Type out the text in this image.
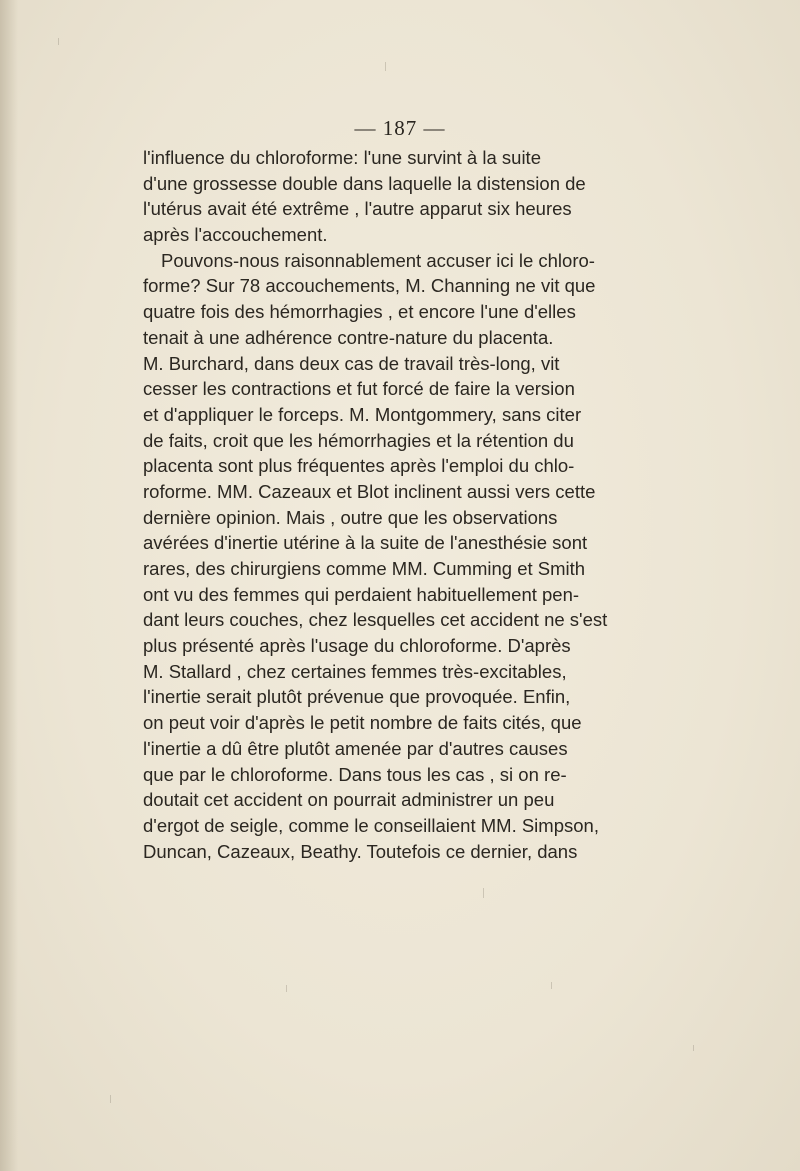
— 187 —
l'influence du chloroforme: l'une survint à la suite
d'une grossesse double dans laquelle la distension de
l'utérus avait été extrême , l'autre apparut six heures
après l'accouchement.
Pouvons-nous raisonnablement accuser ici le chloro-
forme? Sur 78 accouchements, M. Channing ne vit que
quatre fois des hémorrhagies , et encore l'une d'elles
tenait à une adhérence contre-nature du placenta.
M. Burchard, dans deux cas de travail très-long, vit
cesser les contractions et fut forcé de faire la version
et d'appliquer le forceps. M. Montgommery, sans citer
de faits, croit que les hémorrhagies et la rétention du
placenta sont plus fréquentes après l'emploi du chlo-
roforme. MM. Cazeaux et Blot inclinent aussi vers cette
dernière opinion. Mais , outre que les observations
avérées d'inertie utérine à la suite de l'anesthésie sont
rares, des chirurgiens comme MM. Cumming et Smith
ont vu des femmes qui perdaient habituellement pen-
dant leurs couches, chez lesquelles cet accident ne s'est
plus présenté après l'usage du chloroforme. D'après
M. Stallard , chez certaines femmes très-excitables,
l'inertie serait plutôt prévenue que provoquée. Enfin,
on peut voir d'après le petit nombre de faits cités, que
l'inertie a dû être plutôt amenée par d'autres causes
que par le chloroforme. Dans tous les cas , si on re-
doutait cet accident on pourrait administrer un peu
d'ergot de seigle, comme le conseillaient MM. Simpson,
Duncan, Cazeaux, Beathy. Toutefois ce dernier, dans
